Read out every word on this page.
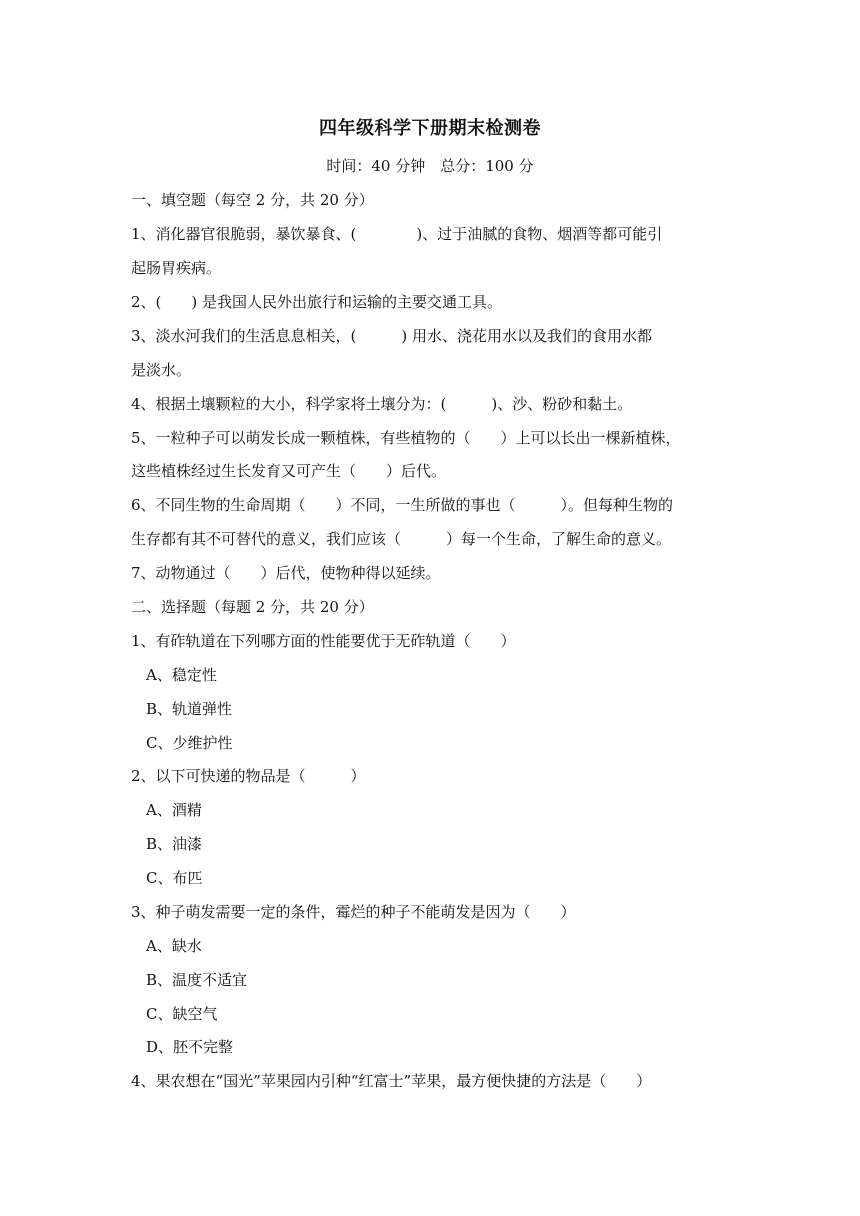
四年级科学下册期末检测卷

时间：40 分钟　总分：100 分

一、填空题（每空 2 分，共 20 分）

1、消化器官很脆弱，暴饮暴食、(　　　　)、过于油腻的食物、烟酒等都可能引

起肠胃疾病。

2、(　　) 是我国人民外出旅行和运输的主要交通工具。

3、淡水河我们的生活息息相关，(　　　) 用水、浇花用水以及我们的食用水都

是淡水。

4、根据土壤颗粒的大小，科学家将土壤分为：(　　　)、沙、粉砂和黏土。

5、一粒种子可以萌发长成一颗植株，有些植物的（　　）上可以长出一棵新植株，

这些植株经过生长发育又可产生（　　）后代。

6、不同生物的生命周期（　　）不同，一生所做的事也（　　　）。但每种生物的

生存都有其不可替代的意义，我们应该（　　　）每一个生命，了解生命的意义。

7、动物通过（　　）后代，使物种得以延续。

二、选择题（每题 2 分，共 20 分）

1、有砟轨道在下列哪方面的性能要优于无砟轨道（　　）

A、稳定性

B、轨道弹性

C、少维护性

2、以下可快递的物品是（　　　）

A、酒精

B、油漆

C、布匹

3、种子萌发需要一定的条件，霉烂的种子不能萌发是因为（　　）

A、缺水

B、温度不适宜

C、缺空气

D、胚不完整

4、果农想在“国光”苹果园内引种“红富士”苹果，最方便快捷的方法是（　　）
